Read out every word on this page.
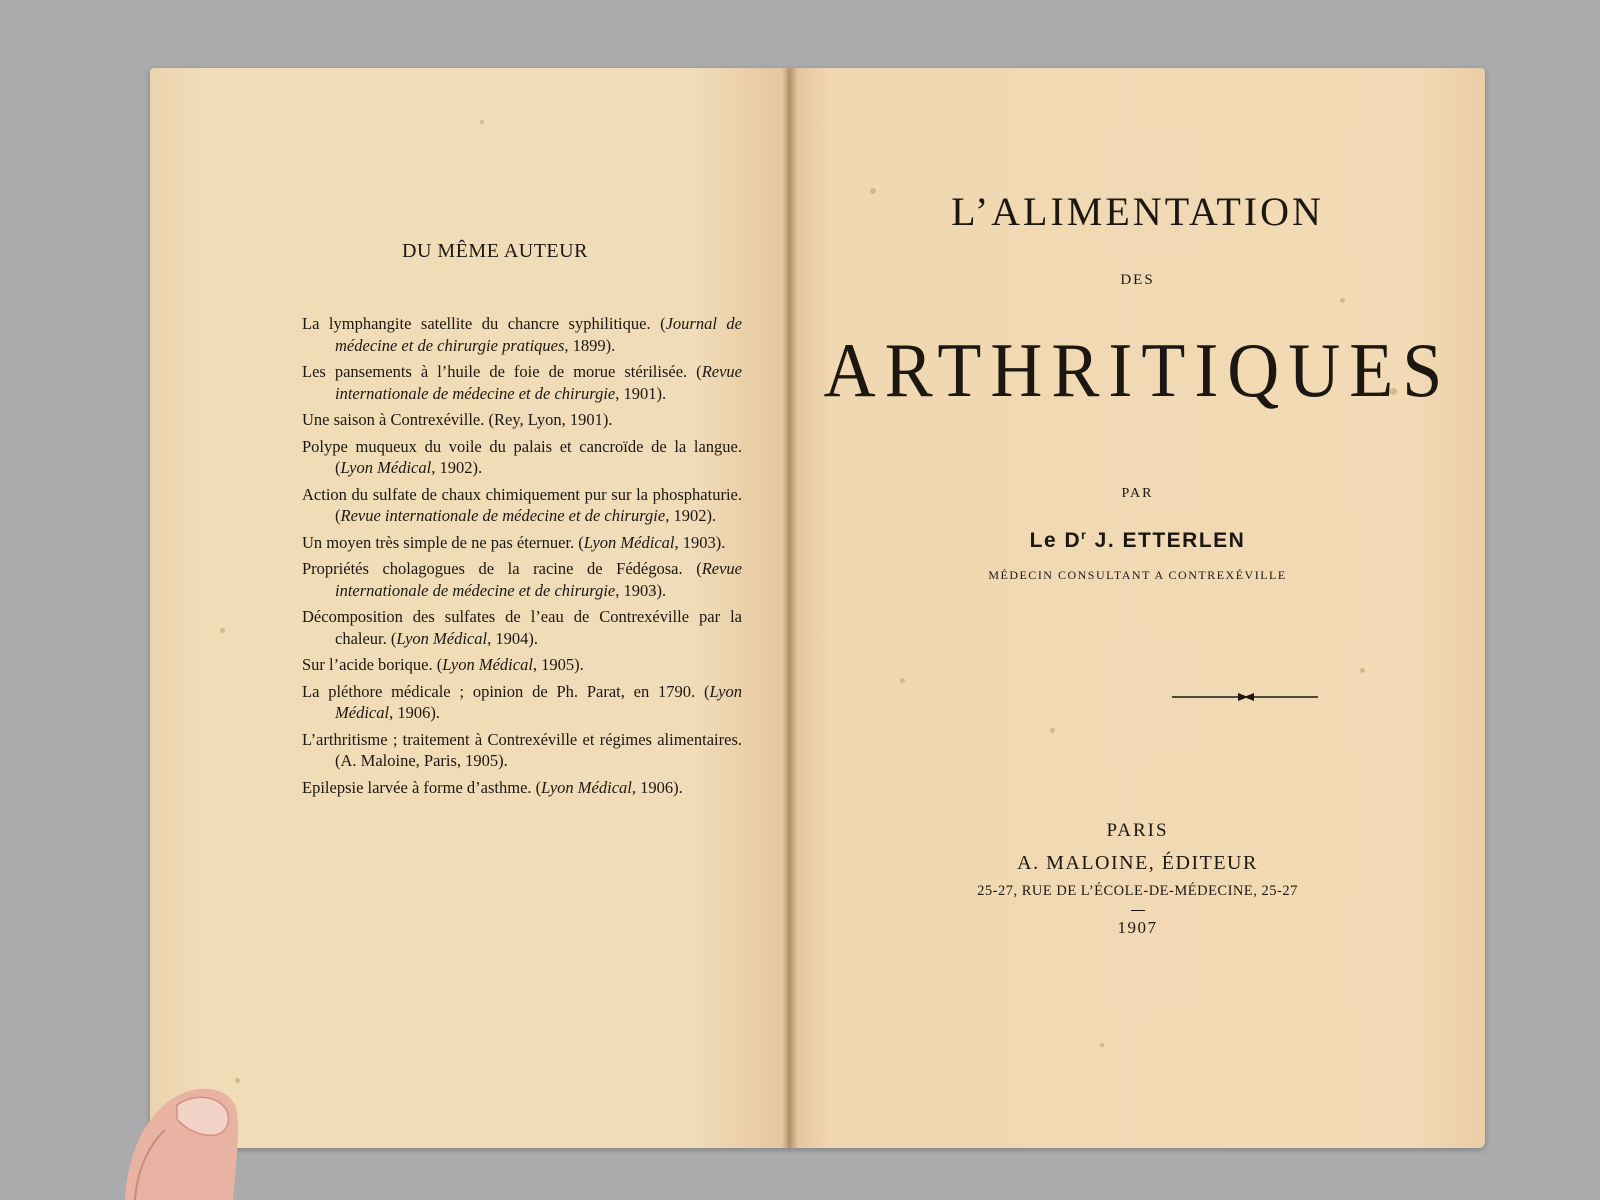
DU MÊME AUTEUR
La lymphangite satellite du chancre syphilitique. (Journal de médecine et de chirurgie pratiques, 1899).
Les pansements à l’huile de foie de morue stérilisée. (Revue internationale de médecine et de chirurgie, 1901).
Une saison à Contrexéville. (Rey, Lyon, 1901).
Polype muqueux du voile du palais et cancroïde de la langue. (Lyon Médical, 1902).
Action du sulfate de chaux chimiquement pur sur la phosphaturie. (Revue internationale de médecine et de chirurgie, 1902).
Un moyen très simple de ne pas éternuer. (Lyon Médical, 1903).
Propriétés cholagogues de la racine de Fédégosa. (Revue internationale de médecine et de chirurgie, 1903).
Décomposition des sulfates de l’eau de Contrexéville par la chaleur. (Lyon Médical, 1904).
Sur l’acide borique. (Lyon Médical, 1905).
La pléthore médicale ; opinion de Ph. Parat, en 1790. (Lyon Médical, 1906).
L’arthritisme ; traitement à Contrexéville et régimes alimentaires. (A. Maloine, Paris, 1905).
Epilepsie larvée à forme d’asthme. (Lyon Médical, 1906).
L’ALIMENTATION
DES
ARTHRITIQUES
PAR
Le $D^r$ J. ETTERLEN
MÉDECIN CONSULTANT A CONTREXÉVILLE
PARIS
A. MALOINE, ÉDITEUR
25-27, RUE DE L’ÉCOLE-DE-MÉDECINE, 25-27
1907
